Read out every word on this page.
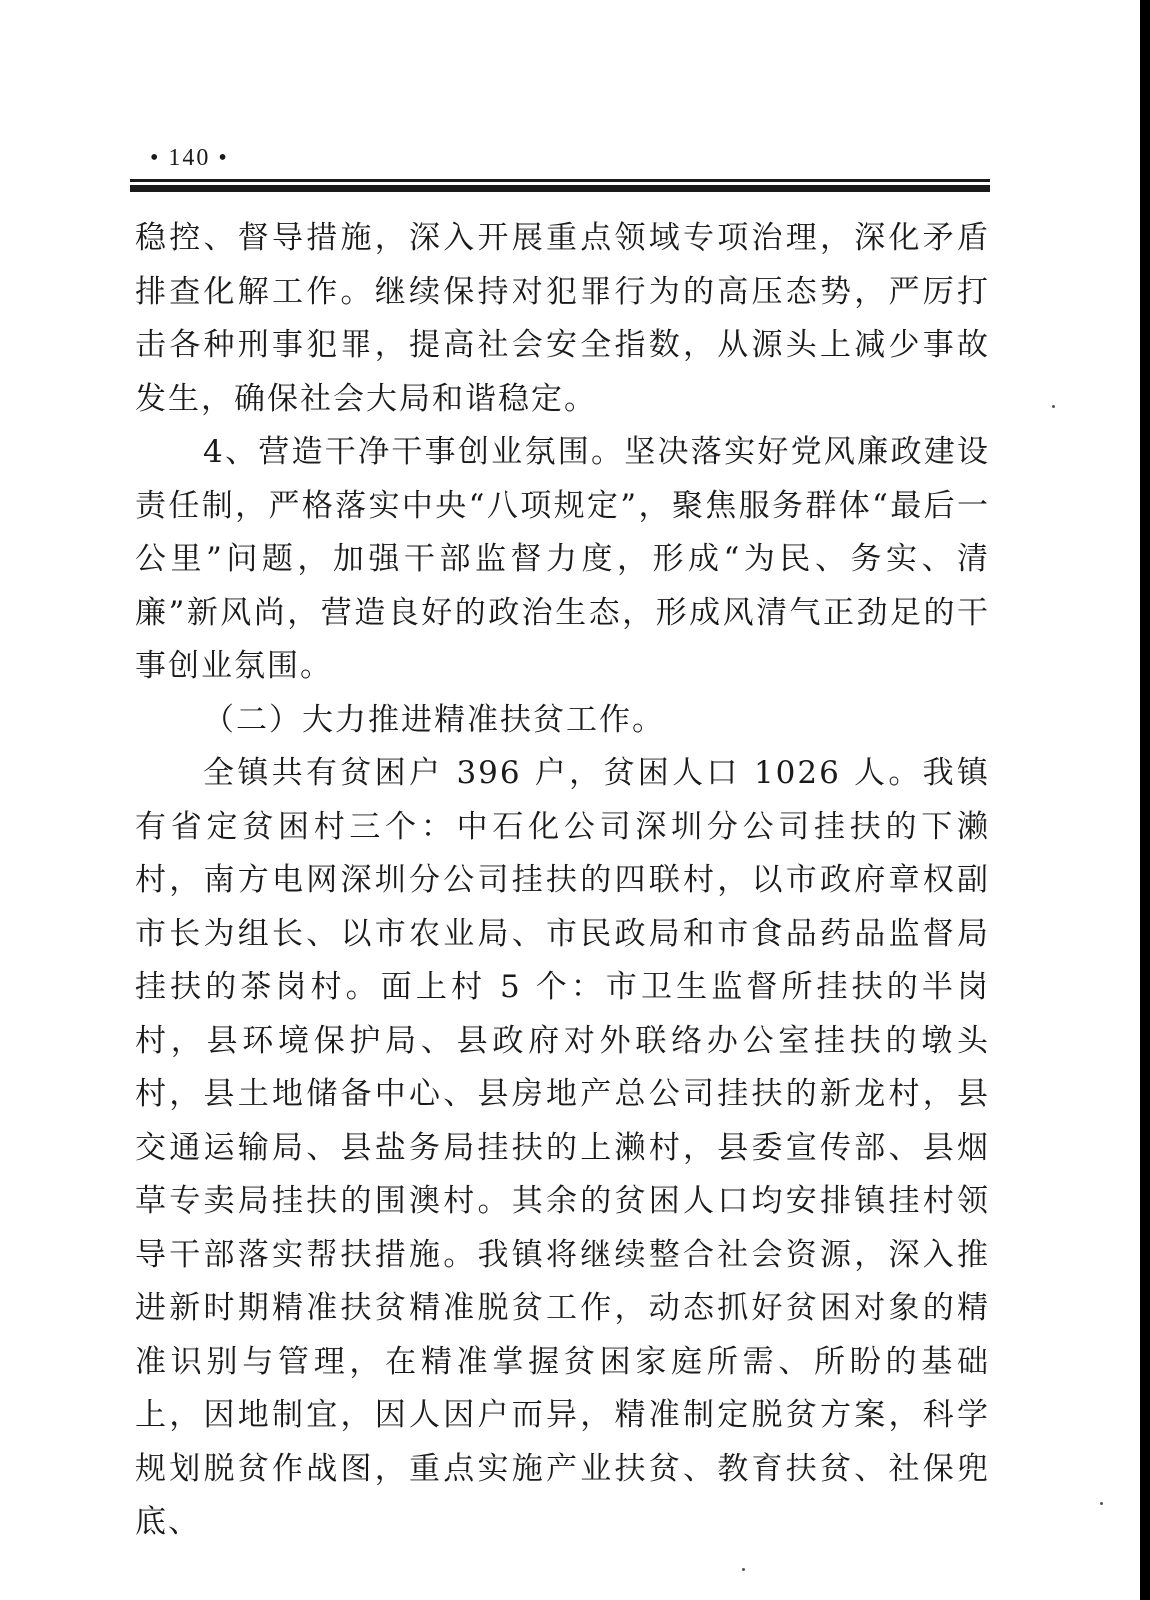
• 140 •

稳控、督导措施，深入开展重点领域专项治理，深化矛盾排查化解工作。继续保持对犯罪行为的高压态势，严厉打击各种刑事犯罪，提高社会安全指数，从源头上减少事故发生，确保社会大局和谐稳定。

4、营造干净干事创业氛围。坚决落实好党风廉政建设责任制，严格落实中央“八项规定”，聚焦服务群体“最后一公里”问题，加强干部监督力度，形成“为民、务实、清廉”新风尚，营造良好的政治生态，形成风清气正劲足的干事创业氛围。

（二）大力推进精准扶贫工作。

全镇共有贫困户 396 户，贫困人口 1026 人。我镇有省定贫困村三个：中石化公司深圳分公司挂扶的下濑村，南方电网深圳分公司挂扶的四联村，以市政府章权副市长为组长、以市农业局、市民政局和市食品药品监督局挂扶的茶岗村。面上村 5 个：市卫生监督所挂扶的半岗村，县环境保护局、县政府对外联络办公室挂扶的墩头村，县土地储备中心、县房地产总公司挂扶的新龙村，县交通运输局、县盐务局挂扶的上濑村，县委宣传部、县烟草专卖局挂扶的围澳村。其余的贫困人口均安排镇挂村领导干部落实帮扶措施。我镇将继续整合社会资源，深入推进新时期精准扶贫精准脱贫工作，动态抓好贫困对象的精准识别与管理，在精准掌握贫困家庭所需、所盼的基础上，因地制宜，因人因户而异，精准制定脱贫方案，科学规划脱贫作战图，重点实施产业扶贫、教育扶贫、社保兜底、
